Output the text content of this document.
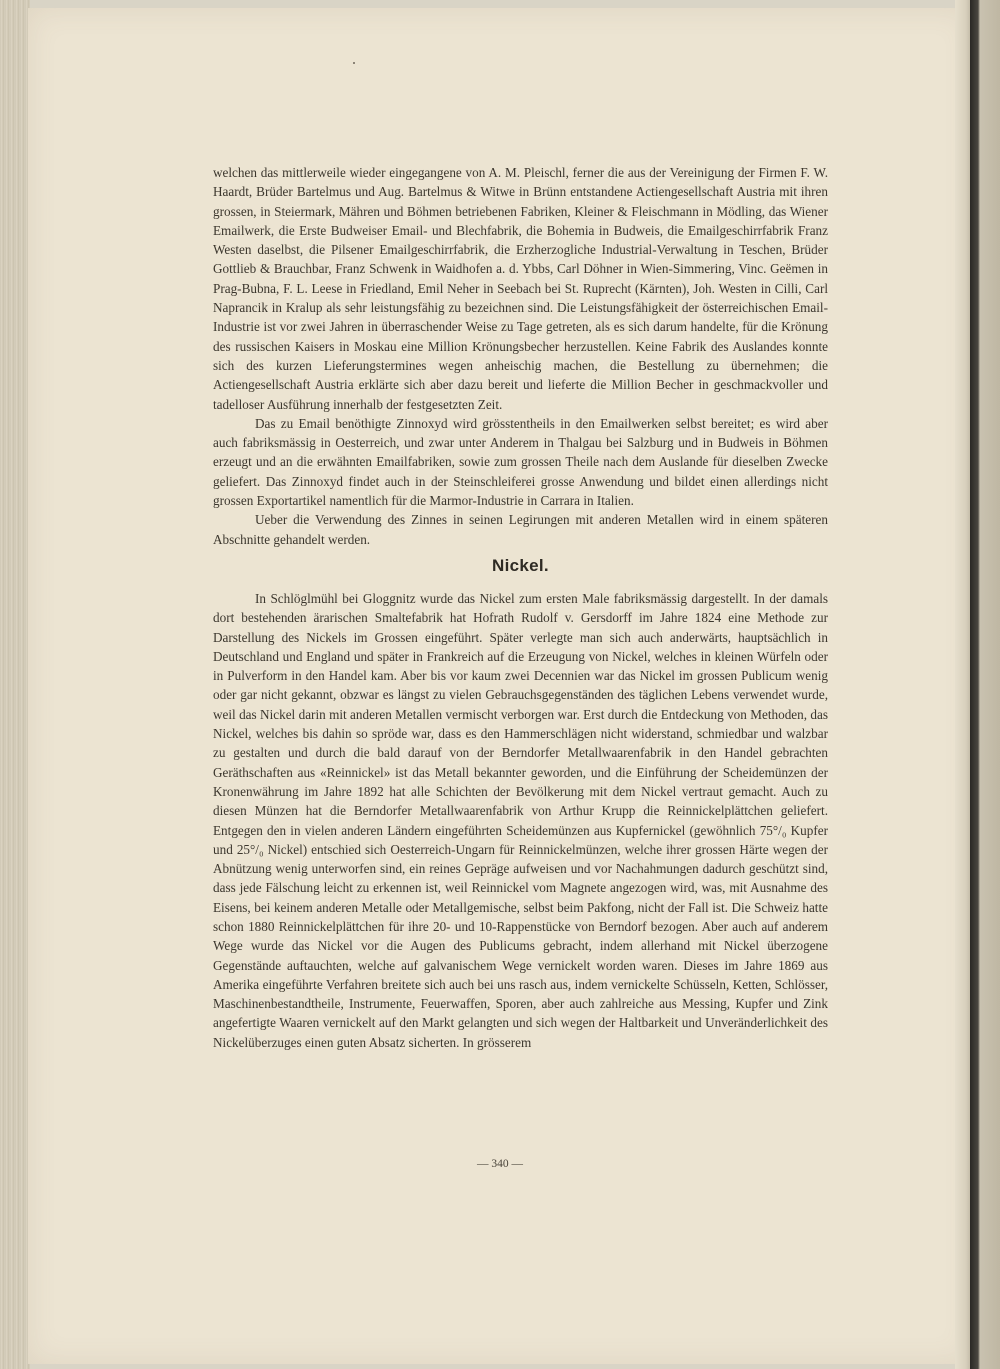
welchen das mittlerweile wieder eingegangene von A. M. Pleischl, ferner die aus der Vereinigung der Firmen F. W. Haardt, Brüder Bartelmus und Aug. Bartelmus & Witwe in Brünn entstandene Actiengesellschaft Austria mit ihren grossen, in Steiermark, Mähren und Böhmen betriebenen Fabriken, Kleiner & Fleischmann in Mödling, das Wiener Emailwerk, die Erste Budweiser Email- und Blechfabrik, die Bohemia in Budweis, die Emailgeschirrfabrik Franz Westen daselbst, die Pilsener Emailgeschirrfabrik, die Erzherzogliche Industrial-Verwaltung in Teschen, Brüder Gottlieb & Brauchbar, Franz Schwenk in Waidhofen a. d. Ybbs, Carl Döhner in Wien-Simmering, Vinc. Geëmen in Prag-Bubna, F. L. Leese in Friedland, Emil Neher in Seebach bei St. Ruprecht (Kärnten), Joh. Westen in Cilli, Carl Naprancik in Kralup als sehr leistungsfähig zu bezeichnen sind. Die Leistungsfähigkeit der österreichischen Email-Industrie ist vor zwei Jahren in überraschender Weise zu Tage getreten, als es sich darum handelte, für die Krönung des russischen Kaisers in Moskau eine Million Krönungsbecher herzustellen. Keine Fabrik des Auslandes konnte sich des kurzen Lieferungstermines wegen anheischig machen, die Bestellung zu übernehmen; die Actiengesellschaft Austria erklärte sich aber dazu bereit und lieferte die Million Becher in geschmackvoller und tadelloser Ausführung innerhalb der festgesetzten Zeit.

Das zu Email benöthigte Zinnoxyd wird grösstentheils in den Emailwerken selbst bereitet; es wird aber auch fabriksmässig in Oesterreich, und zwar unter Anderem in Thalgau bei Salzburg und in Budweis in Böhmen erzeugt und an die erwähnten Emailfabriken, sowie zum grossen Theile nach dem Auslande für dieselben Zwecke geliefert. Das Zinnoxyd findet auch in der Steinschleiferei grosse Anwendung und bildet einen allerdings nicht grossen Exportartikel namentlich für die Marmor-Industrie in Carrara in Italien.

Ueber die Verwendung des Zinnes in seinen Legirungen mit anderen Metallen wird in einem späteren Abschnitte gehandelt werden.

Nickel.

In Schlöglmühl bei Gloggnitz wurde das Nickel zum ersten Male fabriksmässig dargestellt. In der damals dort bestehenden ärarischen Smaltefabrik hat Hofrath Rudolf v. Gersdorff im Jahre 1824 eine Methode zur Darstellung des Nickels im Grossen eingeführt. Später verlegte man sich auch anderwärts, hauptsächlich in Deutschland und England und später in Frankreich auf die Erzeugung von Nickel, welches in kleinen Würfeln oder in Pulverform in den Handel kam. Aber bis vor kaum zwei Decennien war das Nickel im grossen Publicum wenig oder gar nicht gekannt, obzwar es längst zu vielen Gebrauchsgegenständen des täglichen Lebens verwendet wurde, weil das Nickel darin mit anderen Metallen vermischt verborgen war. Erst durch die Entdeckung von Methoden, das Nickel, welches bis dahin so spröde war, dass es den Hammerschlägen nicht widerstand, schmiedbar und walzbar zu gestalten und durch die bald darauf von der Berndorfer Metallwaarenfabrik in den Handel gebrachten Geräthschaften aus «Reinnickel» ist das Metall bekannter geworden, und die Einführung der Scheidemünzen der Kronenwährung im Jahre 1892 hat alle Schichten der Bevölkerung mit dem Nickel vertraut gemacht. Auch zu diesen Münzen hat die Berndorfer Metallwaarenfabrik von Arthur Krupp die Reinnickelplättchen geliefert. Entgegen den in vielen anderen Ländern eingeführten Scheidemünzen aus Kupfernickel (gewöhnlich 75°/₀ Kupfer und 25°/₀ Nickel) entschied sich Oesterreich-Ungarn für Reinnickelmünzen, welche ihrer grossen Härte wegen der Abnützung wenig unterworfen sind, ein reines Gepräge aufweisen und vor Nachahmungen dadurch geschützt sind, dass jede Fälschung leicht zu erkennen ist, weil Reinnickel vom Magnete angezogen wird, was, mit Ausnahme des Eisens, bei keinem anderen Metalle oder Metallgemische, selbst beim Pakfong, nicht der Fall ist. Die Schweiz hatte schon 1880 Reinnickelplättchen für ihre 20- und 10-Rappenstücke von Berndorf bezogen. Aber auch auf anderem Wege wurde das Nickel vor die Augen des Publicums gebracht, indem allerhand mit Nickel überzogene Gegenstände auftauchten, welche auf galvanischem Wege vernickelt worden waren. Dieses im Jahre 1869 aus Amerika eingeführte Verfahren breitete sich auch bei uns rasch aus, indem vernickelte Schüsseln, Ketten, Schlösser, Maschinenbestandtheile, Instrumente, Feuerwaffen, Sporen, aber auch zahlreiche aus Messing, Kupfer und Zink angefertigte Waaren vernickelt auf den Markt gelangten und sich wegen der Haltbarkeit und Unveränderlichkeit des Nickelüberzuges einen guten Absatz sicherten. In grösserem

— 340 —
